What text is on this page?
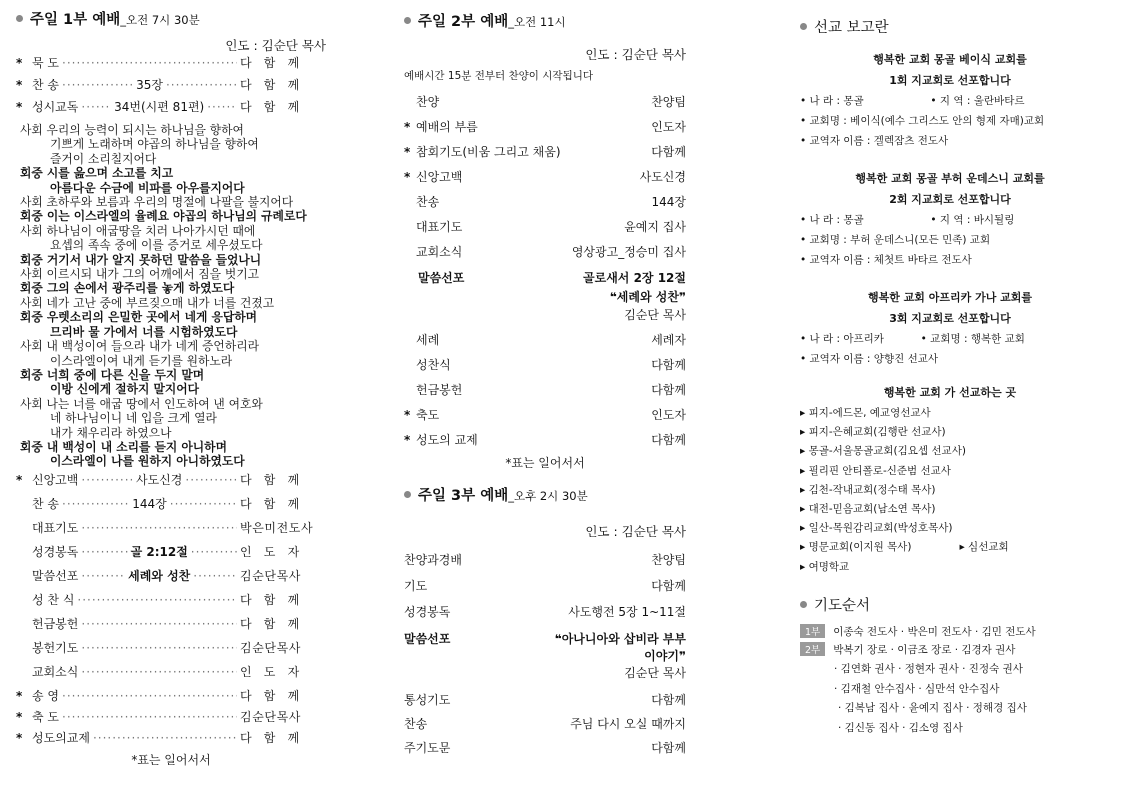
주일 1부 예배 _오전 7시 30분
인도 : 김순단 목사
* 묵 도 ·····	다 함 께
* 찬 송 ·····	35장 ·····	다 함 께
* 성시교독 ·····	34번(시편 81편) ·····	다 함 께
사회 우리의 능력이 되시는 하나님을 향하여
기쁘게 노래하며 야곱의 하나님을 향하여
즐거이 소리칠지어다
회중 시를 읊으며 소고를 치고
아름다운 수금에 비파를 아우를지어다
사회 초하루와 보름과 우리의 명절에 나팔을 불지어다
회중 이는 이스라엘의 율례요 야곱의 하나님의 규례로다
사회 하나님이 애굽땅을 치러 나아가시던 때에
요셉의 족속 중에 이를 증거로 세우셨도다
회중 거기서 내가 알지 못하던 말씀을 들었나니
사회 이르시되 내가 그의 어깨에서 짐을 벗기고
회중 그의 손에서 광주리를 놓게 하였도다
사회 네가 고난 중에 부르짖으매 내가 너를 건졌고
회중 우렛소리의 은밀한 곳에서 네게 응답하며
므리바 물 가에서 너를 시험하였도다
사회 내 백성이여 들으라 내가 네게 증언하리라
이스라엘이여 내게 듣기를 원하노라
회중 너희 중에 다른 신을 두지 말며
이방 신에게 절하지 말지어다
사회 나는 너를 애굽 땅에서 인도하여 낸 여호와
네 하나님이니 네 입을 크게 열라
내가 채우리라 하였으나
회중 내 백성이 내 소리를 듣지 아니하며
이스라엘이 나를 원하지 아니하였도다
* 신앙고백 ·····	사도신경 ·····	다 함 께
찬 송 ·····	144장 ·····	다 함 께
대표기도 ·····	박은미전도사
성경봉독 ·····	골 2:12절 ·····	인 도 자
말씀선포 ·····	세례와 성찬 ·····	김순단목사
성 찬 식 ·····	다 함 께
헌금봉헌 ·····	다 함 께
봉헌기도 ·····	김순단목사
교회소식 ·····	인 도 자
* 송 영 ·····	다 함 께
* 축 도 ·····	김순단목사
* 성도의교제 ·····	다 함 께
*표는 일어서서
주일 2부 예배 _오전 11시
인도 : 김순단 목사
예배시간 15분 전부터 찬양이 시작됩니다
찬양	찬양팀
* 예배의 부름	인도자
* 참회기도(비움 그리고 채움)	다함께
* 신앙고백	사도신경
찬송	144장
대표기도	윤예지 집사
교회소식	영상광고_정승미 집사
말씀선포	골로새서 2장 12절
❝세례와 성찬❞
김순단 목사
세례	세례자
성찬식	다함께
헌금봉헌	다함께
* 축도	인도자
* 성도의 교제	다함께
*표는 일어서서
주일 3부 예배 _오후 2시 30분
인도 : 김순단 목사
찬양과경배	찬양팀
기도	다함께
성경봉독	사도행전 5장 1~11절
말씀선포	❝아나니아와 삽비라 부부
이야기❞
김순단 목사
통성기도	다함께
찬송	주님 다시 오실 때까지
주기도문	다함께
선교 보고란
행복한 교회 몽골 베이식 교회를
1회 지교회로 선포합니다
• 나 라 : 몽골                    • 지 역 : 울란바타르
• 교회명 : 베이식(예수 그리스도 안의 형제 자매)교회
• 교역자 이름 : 겔렉잠츠 전도사
행복한 교회 몽골 부허 운데스니 교회를
2회 지교회로 선포합니다
• 나 라 : 몽골                    • 지 역 : 바시될링
• 교회명 : 부허 운데스니(모든 민족) 교회
• 교역자 이름 : 체첫트 바타르 전도사
행복한 교회 아프리카 가나 교회를
3회 지교회로 선포합니다
• 나 라 : 아프리카           • 교회명 : 행복한 교회
• 교역자 이름 : 양향진 선교사
행복한 교회 가 선교하는 곳
▸ 피지-에드몬, 예교영선교사
▸ 피지-은혜교회(김행란 선교사)
▸ 몽골-서울몽골교회(김요셉 선교사)
▸ 필리핀 안티폴로-신준범 선교사
▸ 김천-작내교회(정수태 목사)
▸ 대전-믿음교회(남소연 목사)
▸ 일산-목원감리교회(박성호목사)
▸ 명문교회(이지원 목사)	▸ 심선교회
▸ 여명학교
기도순서
1부 이종숙 전도사 · 박은미 전도사 · 김민 전도사
2부 박복기 장로 · 이금조 장로 · 김경자 권사
· 김연화 권사 · 정현자 권사 · 진정숙 권사
· 김재철 안수집사 · 심만석 안수집사
· 김복남 집사 · 윤예지 집사 · 정해경 집사
· 김신동 집사 · 김소영 집사
